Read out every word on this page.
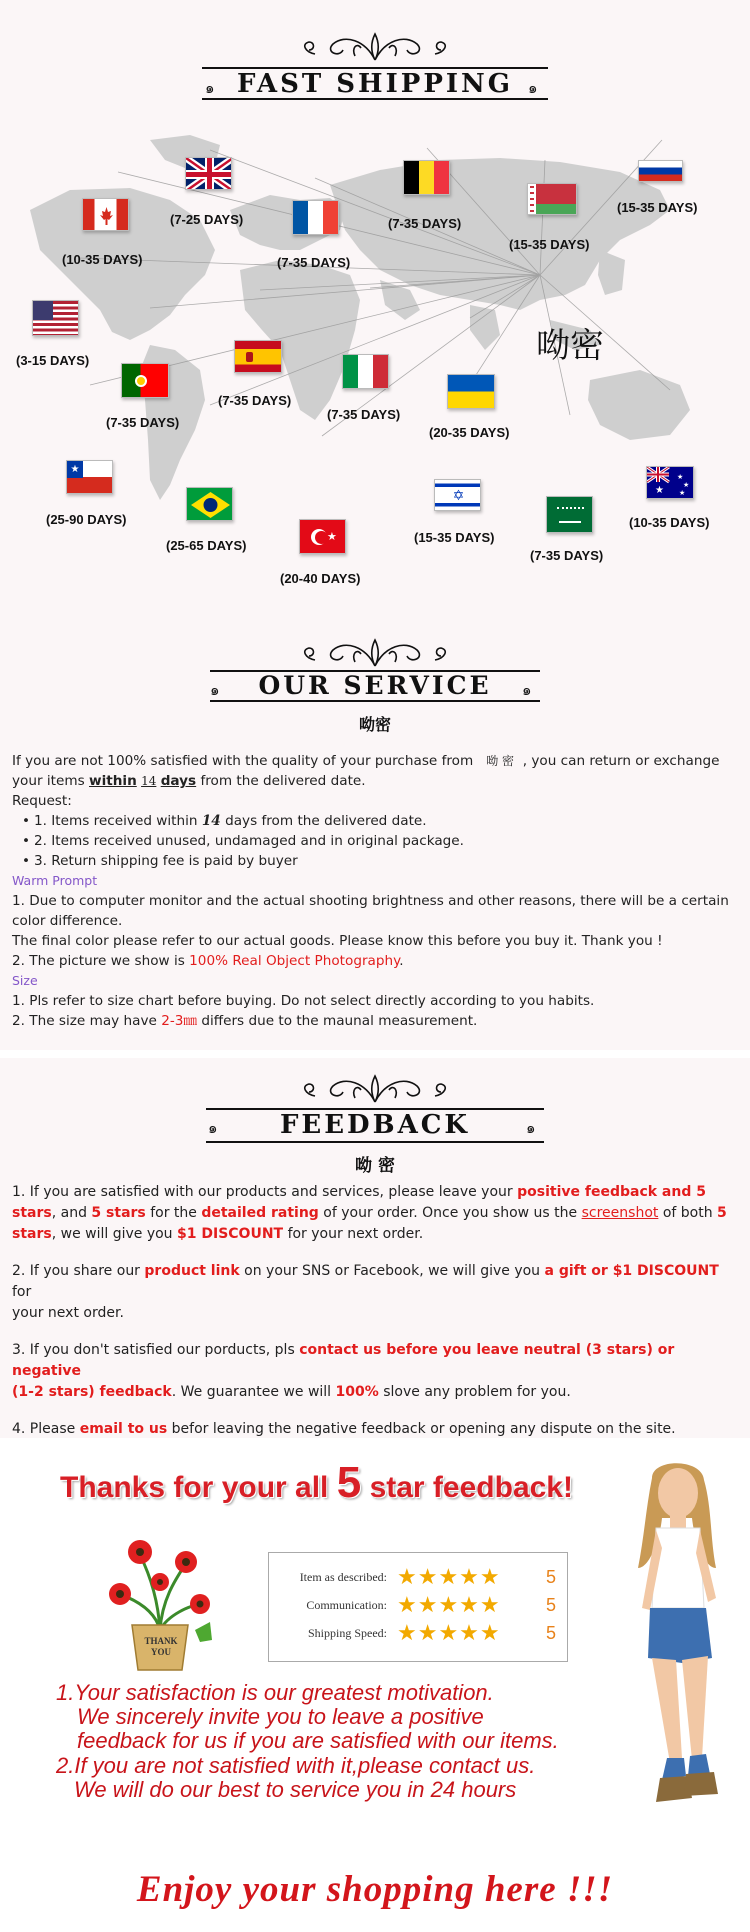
๑	๑
FAST SHIPPING
呦密
(7-25 DAYS)	(7-35 DAYS)
(15-35 DAYS)
(10-35 DAYS)	(7-35 DAYS)
(15-35 DAYS)
(3-15 DAYS)
(7-35 DAYS)
(7-35 DAYS)
(7-35 DAYS)
(20-35 DAYS)
★
(25-90 DAYS)
(25-65 DAYS)
★
(20-40 DAYS)
✡
(15-35 DAYS)
(7-35 DAYS)
★
★
★
★
(10-35 DAYS)
๑	๑
OUR SERVICE
呦密
If you are not 100% satisfied with the quality of your purchase from 呦 密 , you can return or exchange
your items within 14 days from the delivered date.
Request:
• 1. Items received within 14 days from the delivered date.
• 2. Items received unused, undamaged and in original package.
• 3. Return shipping fee is paid by buyer
Warm Prompt
1. Due to computer monitor and the actual shooting brightness and other reasons, there will be a certain
color difference.
The final color please refer to our actual goods. Please know this before you buy it. Thank you !
2. The picture we show is 100% Real Object Photography.
Size
1. Pls refer to size chart before buying. Do not select directly according to you habits.
2. The size may have 2-3㎜ differs due to the maunal measurement.
๑	๑
FEEDBACK
呦 密
1. If you are satisfied with our products and services, please leave your positive feedback and 5
stars, and 5 stars for the detailed rating of your order. Once you show us the screenshot of both 5
stars, we will give you $1 DISCOUNT for your next order.
2. If you share our product link on your SNS or Facebook, we will give you a gift or $1 DISCOUNT for
your next order.
3. If you don't satisfied our porducts, pls contact us before you leave neutral (3 stars) or negative
(1-2 stars) feedback. We guarantee we will 100% slove any problem for you.
4. Please email to us befor leaving the negative feedback or opening any dispute on the site.
Thanks for your all 5 star feedback!
THANK YOU
Item as described: ★★★★★	5
Communication: ★★★★★	5
Shipping Speed: ★★★★★	5
1.Your satisfaction is our greatest motivation.
We sincerely invite you to leave a positive
feedback for us if you are satisfied with our items.
2.If you are not satisfied with it,please contact us.
We will do our best to service you in 24 hours
Enjoy your shopping here !!!
